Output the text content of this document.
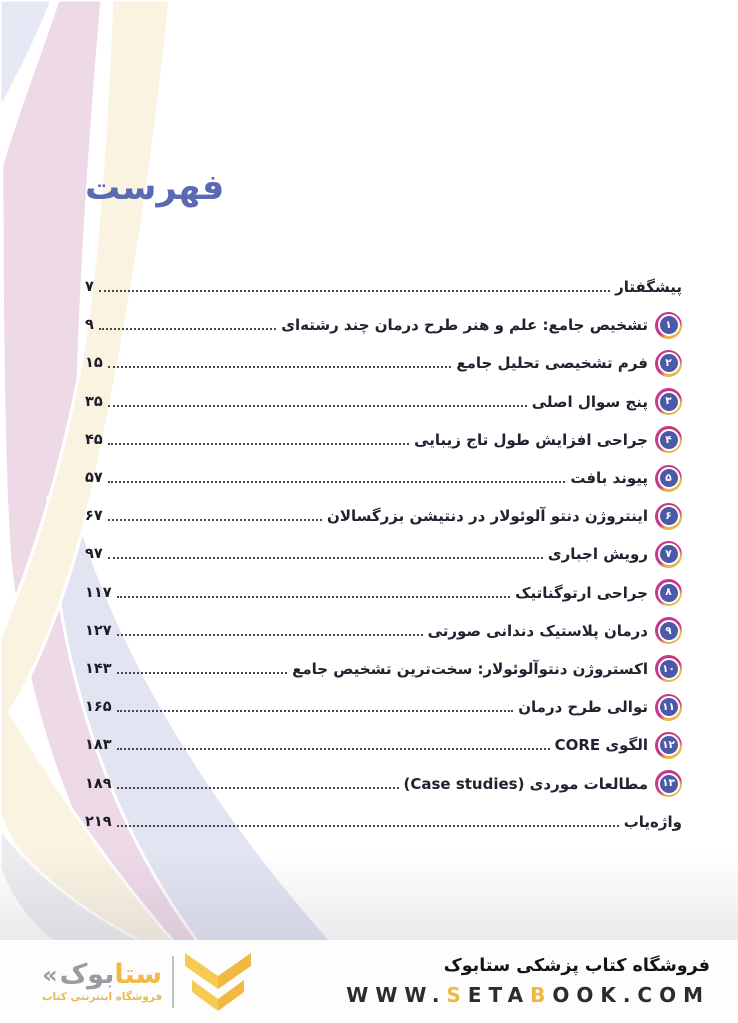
فهرست
پیشگفتار
۷
۱
تشخیص جامع: علم و هنر طرح درمان چند رشته‌ای
۹
۲
فرم تشخیصی تحلیل جامع
۱۵
۳
پنج سوال اصلی
۳۵
۴
جراحی افزایش طول تاج زیبایی
۴۵
۵
پیوند بافت
۵۷
۶
اینتروژن دنتو آلوئولار در دنتیشن بزرگسالان
۶۷
۷
رویش اجباری
۹۷
۸
جراحی ارتوگناتیک
۱۱۷
۹
درمان پلاستیک دندانی صورتی
۱۲۷
۱۰
اکستروژن دنتوآلوئولار: سخت‌ترین تشخیص جامع
۱۴۳
۱۱
توالی طرح درمان
۱۶۵
۱۲
الگوی CORE
۱۸۳
۱۳
مطالعات موردی (Case studies)
۱۸۹
واژه‌یاب
۲۱۹
ستا
بوک
«
فروشگاه اینترنتی کتاب
فروشگاه کتاب پزشکی ستابوک
WWW.SETABOOK.COM
